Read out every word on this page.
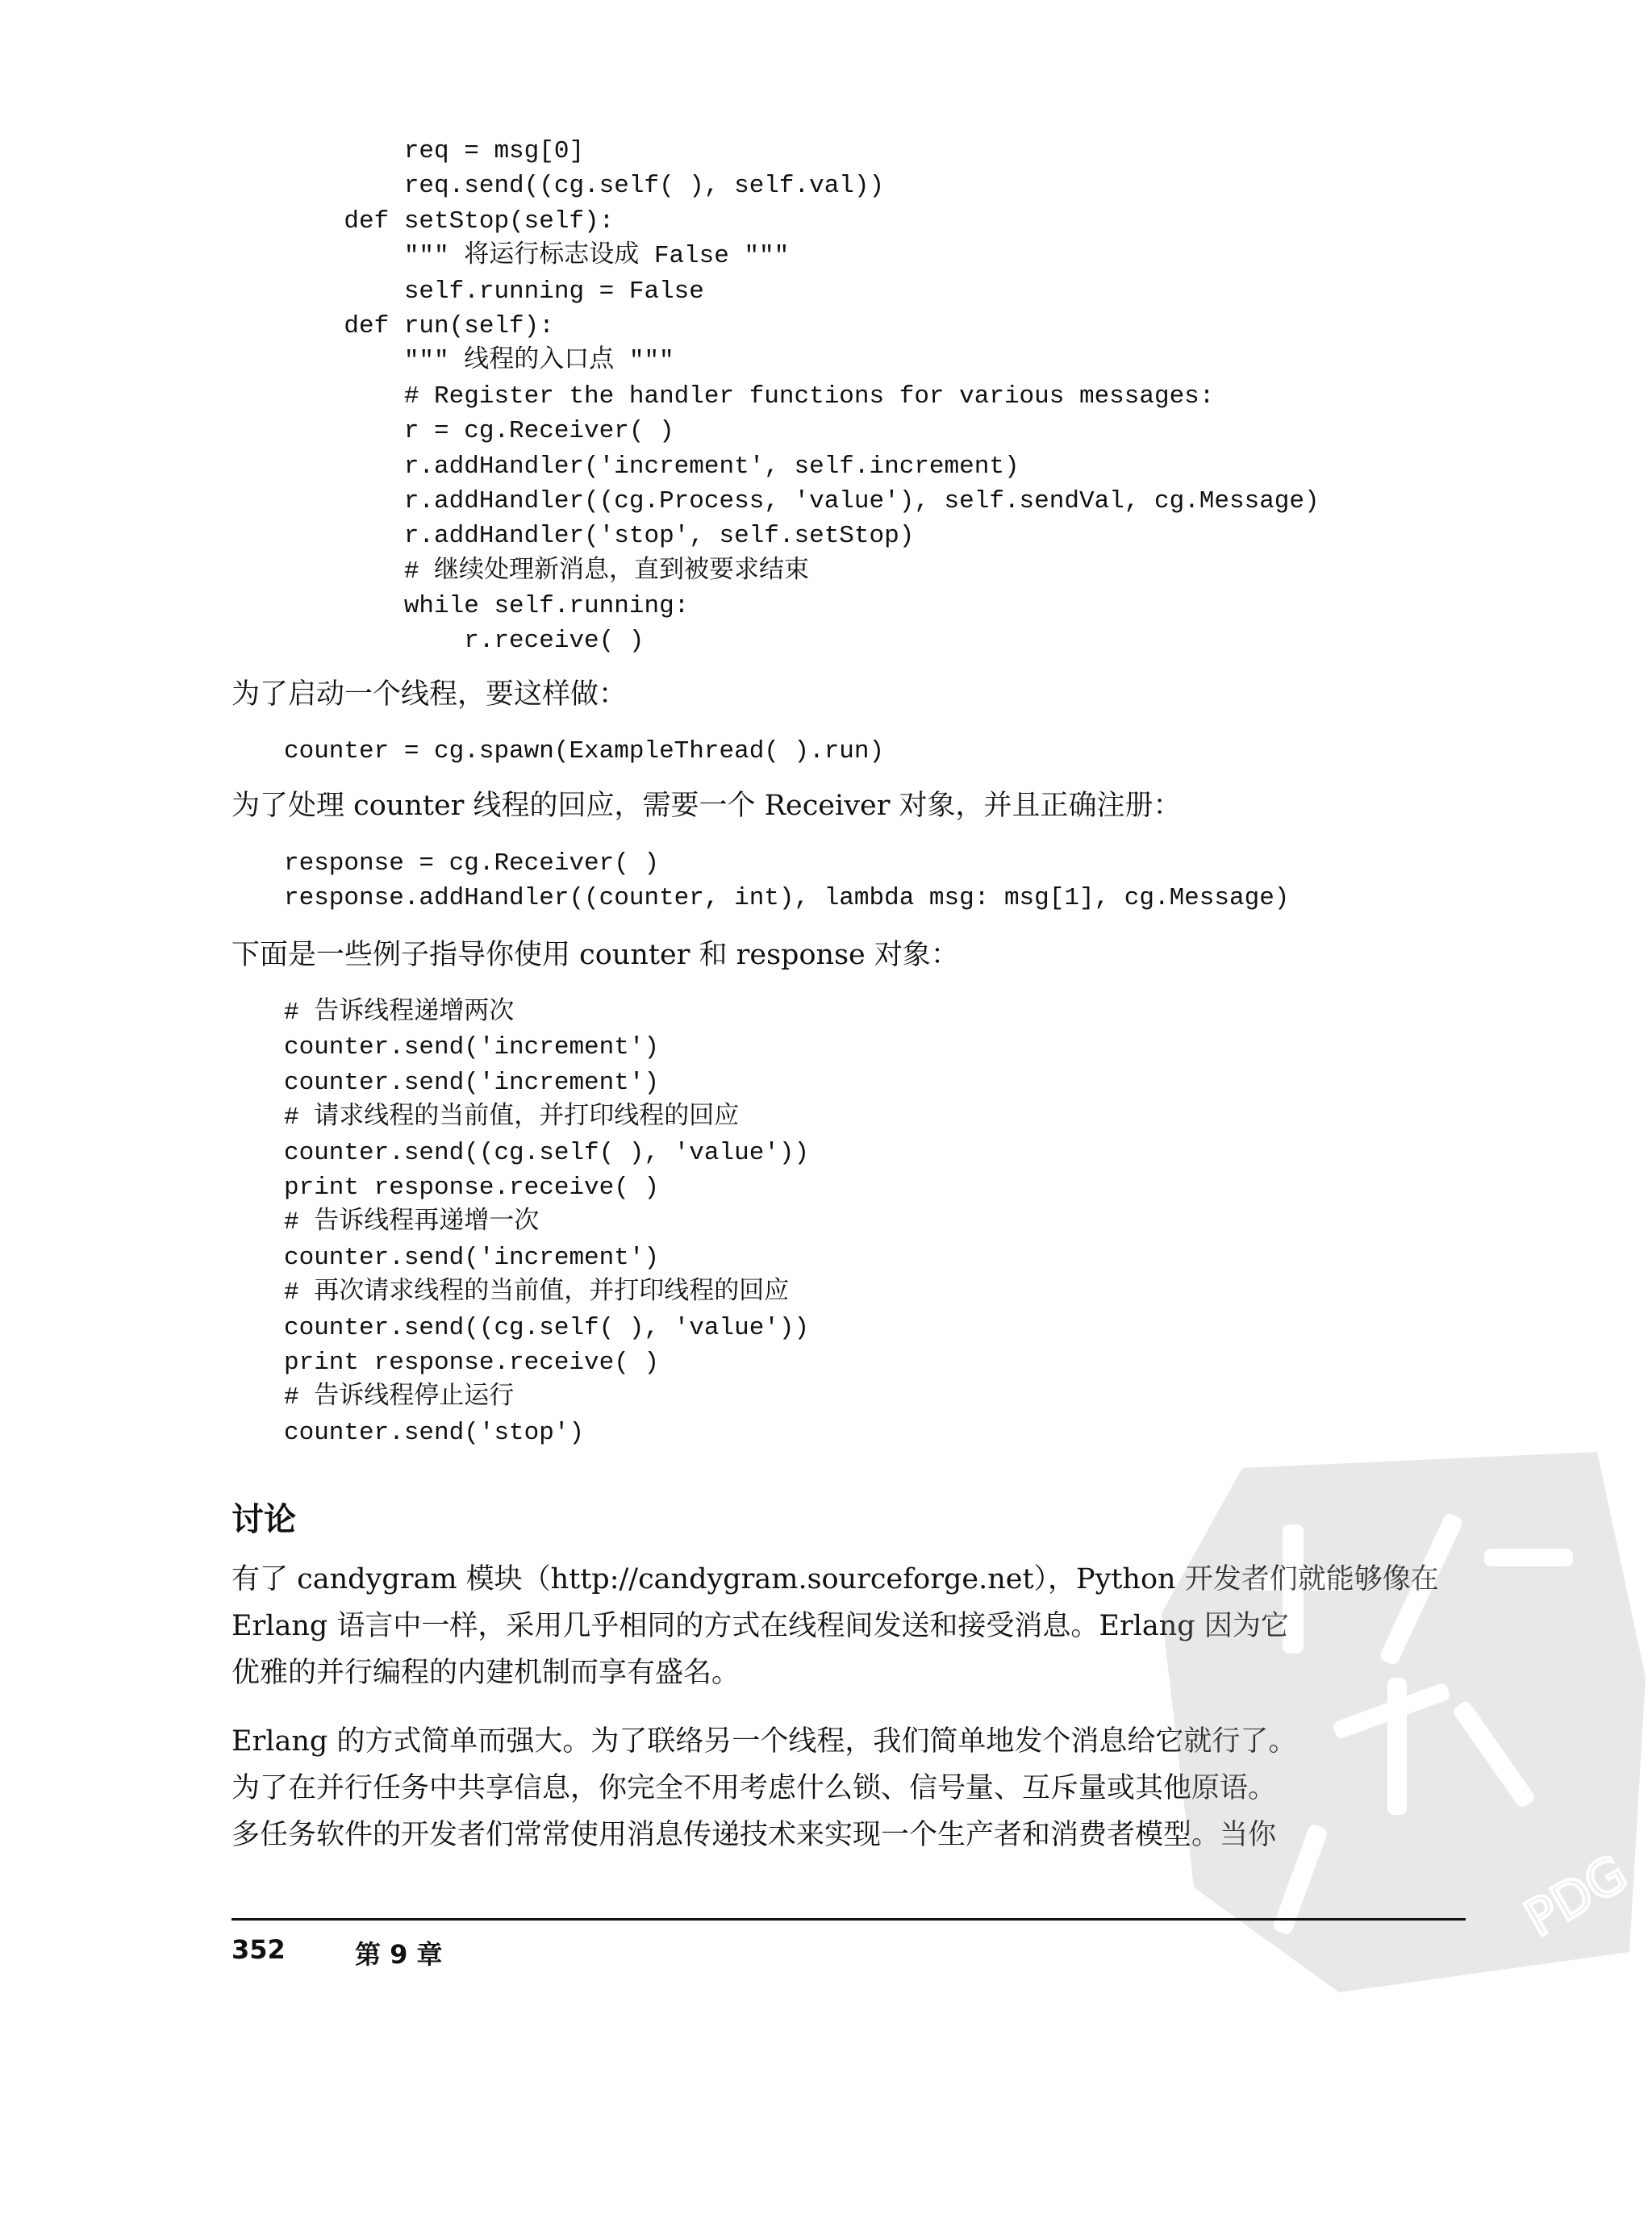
req = msg[0]
req.send((cg.self( ), self.val))
def setStop(self):
""" 将运行标志设成 False """
self.running = False
def run(self):
""" 线程的入口点 """
# Register the handler functions for various messages:
r = cg.Receiver( )
r.addHandler('increment', self.increment)
r.addHandler((cg.Process, 'value'), self.sendVal, cg.Message)
r.addHandler('stop', self.setStop)
# 继续处理新消息，直到被要求结束
while self.running:
r.receive( )
为了启动一个线程，要这样做：
counter = cg.spawn(ExampleThread( ).run)
为了处理 counter 线程的回应，需要一个 Receiver 对象，并且正确注册：
response = cg.Receiver( )
response.addHandler((counter, int), lambda msg: msg[1], cg.Message)
下面是一些例子指导你使用 counter 和 response 对象：
# 告诉线程递增两次
counter.send('increment')
counter.send('increment')
# 请求线程的当前值，并打印线程的回应
counter.send((cg.self( ), 'value'))
print response.receive( )
# 告诉线程再递增一次
counter.send('increment')
# 再次请求线程的当前值，并打印线程的回应
counter.send((cg.self( ), 'value'))
print response.receive( )
# 告诉线程停止运行
counter.send('stop')
讨论
有了 candygram 模块（http://candygram.sourceforge.net），Python 开发者们就能够像在
Erlang 语言中一样，采用几乎相同的方式在线程间发送和接受消息。Erlang 因为它
优雅的并行编程的内建机制而享有盛名。
Erlang 的方式简单而强大。为了联络另一个线程，我们简单地发个消息给它就行了。
为了在并行任务中共享信息，你完全不用考虑什么锁、信号量、互斥量或其他原语。
多任务软件的开发者们常常使用消息传递技术来实现一个生产者和消费者模型。当你
PDG
352	第 9 章
